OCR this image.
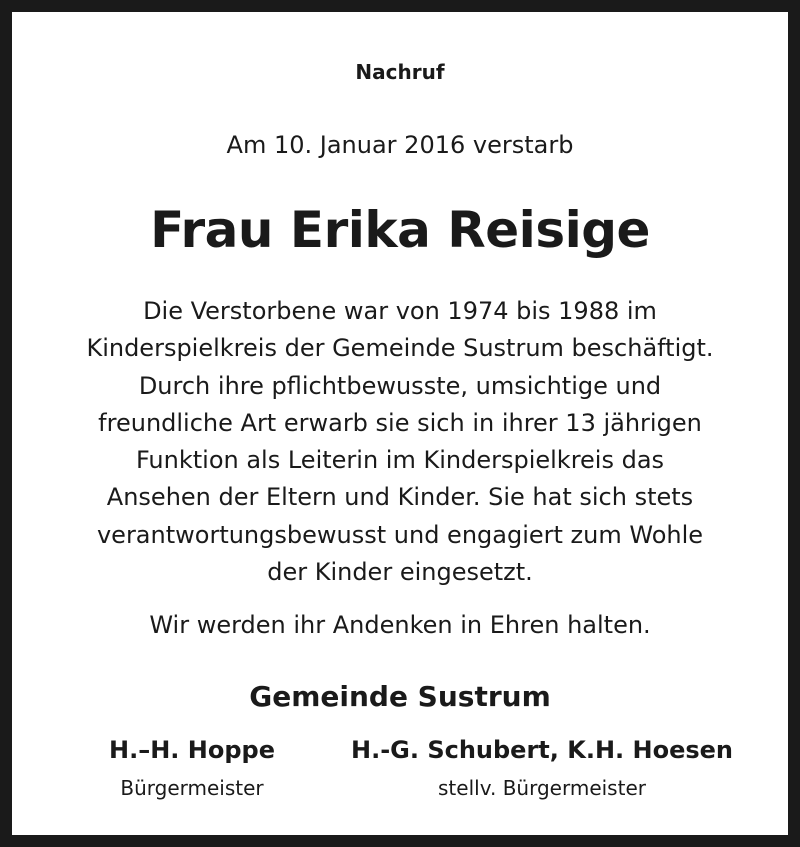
Nachruf
Am 10. Januar 2016 verstarb
Frau Erika Reisige
Die Verstorbene war von 1974 bis 1988 im
Kinderspielkreis der Gemeinde Sustrum beschäftigt.
Durch ihre pflichtbewusste, umsichtige und
freundliche Art erwarb sie sich in ihrer 13 jährigen
Funktion als Leiterin im Kinderspielkreis das
Ansehen der Eltern und Kinder. Sie hat sich stets
verantwortungsbewusst und engagiert zum Wohle
der Kinder eingesetzt.
Wir werden ihr Andenken in Ehren halten.
Gemeinde Sustrum
H.–H. Hoppe
Bürgermeister
H.-G. Schubert, K.H. Hoesen
stellv. Bürgermeister
